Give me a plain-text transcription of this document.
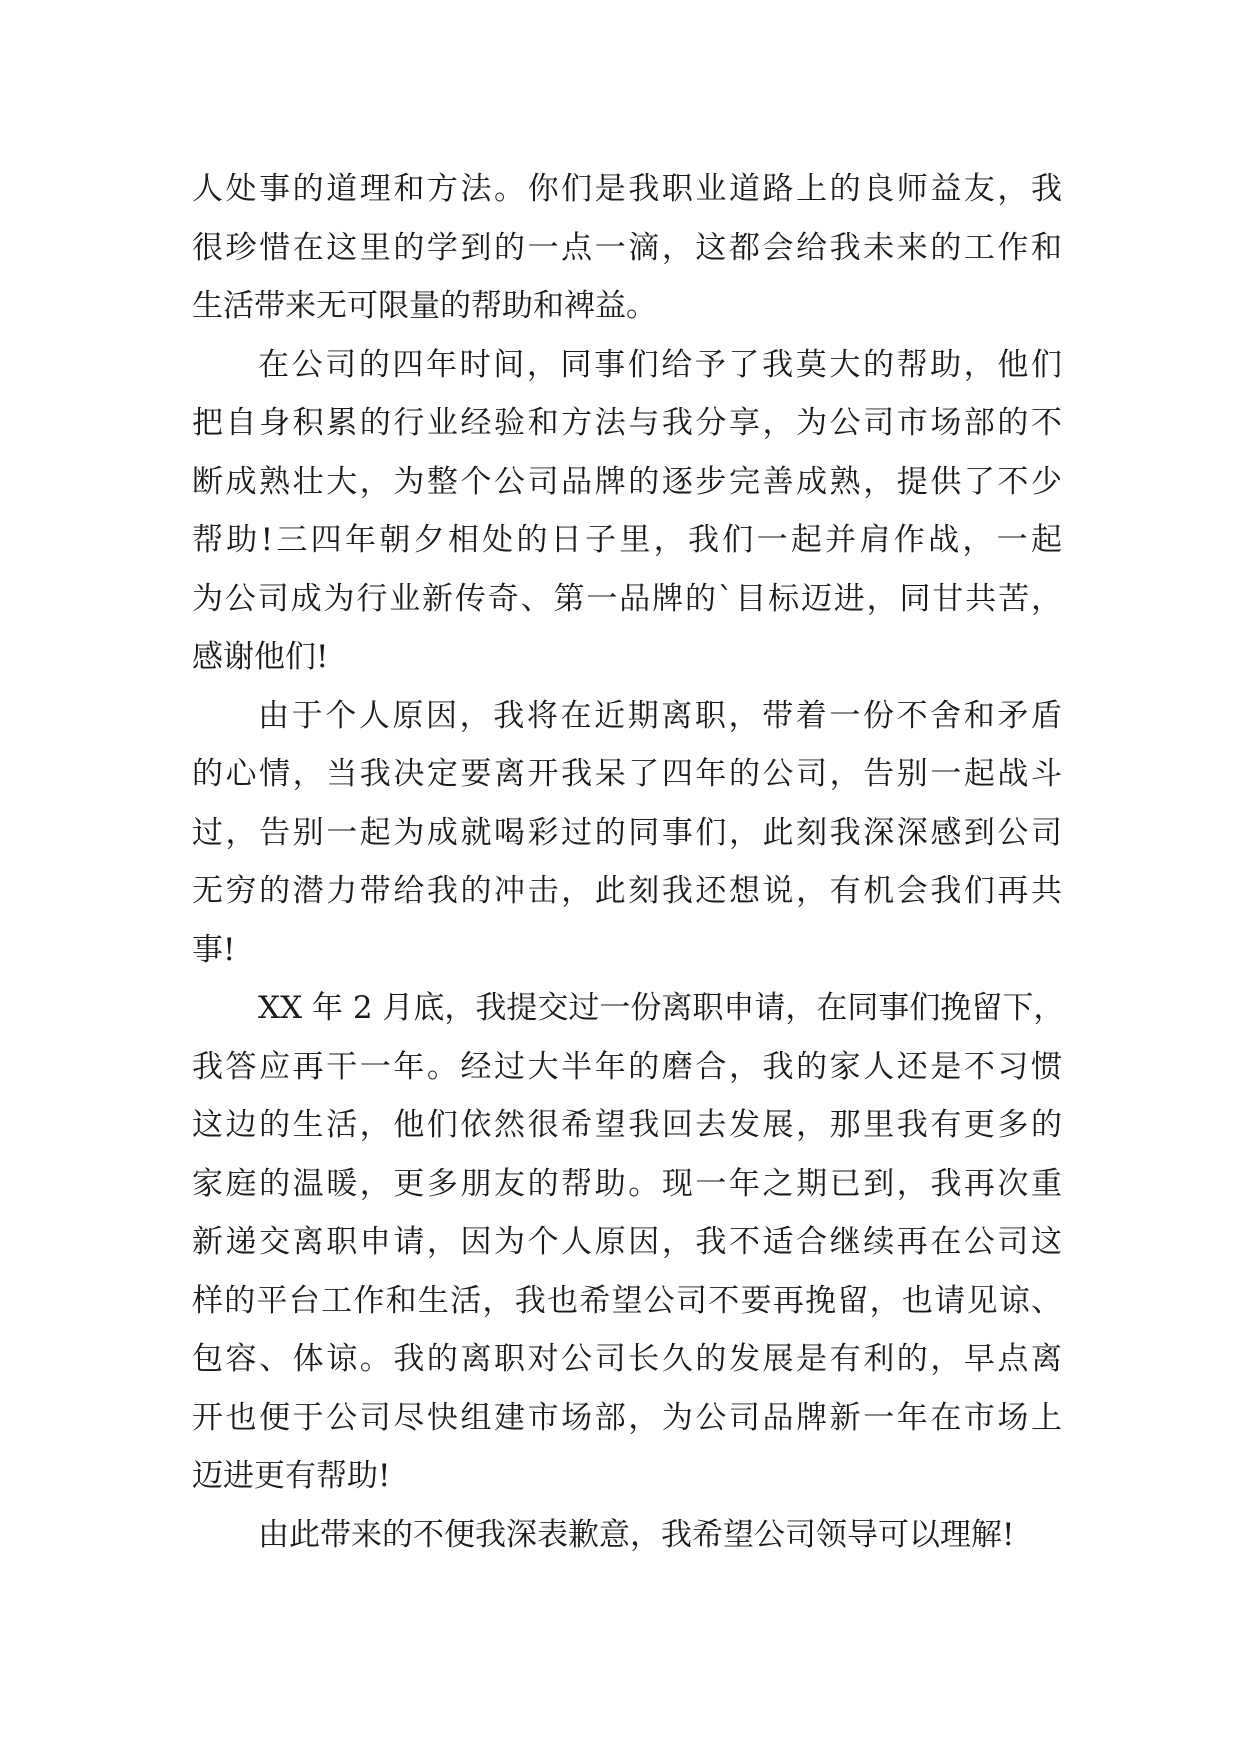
人处事的道理和方法。你们是我职业道路上的良师益友，我
很珍惜在这里的学到的一点一滴，这都会给我未来的工作和
生活带来无可限量的帮助和裨益。
在公司的四年时间，同事们给予了我莫大的帮助，他们
把自身积累的行业经验和方法与我分享，为公司市场部的不
断成熟壮大，为整个公司品牌的逐步完善成熟，提供了不少
帮助!三四年朝夕相处的日子里，我们一起并肩作战，一起
为公司成为行业新传奇、第一品牌的`目标迈进，同甘共苦，
感谢他们!
由于个人原因，我将在近期离职，带着一份不舍和矛盾
的心情，当我决定要离开我呆了四年的公司，告别一起战斗
过，告别一起为成就喝彩过的同事们，此刻我深深感到公司
无穷的潜力带给我的冲击，此刻我还想说，有机会我们再共
事!
XX 年 2 月底，我提交过一份离职申请，在同事们挽留下，
我答应再干一年。经过大半年的磨合，我的家人还是不习惯
这边的生活，他们依然很希望我回去发展，那里我有更多的
家庭的温暖，更多朋友的帮助。现一年之期已到，我再次重
新递交离职申请，因为个人原因，我不适合继续再在公司这
样的平台工作和生活，我也希望公司不要再挽留，也请见谅、
包容、体谅。我的离职对公司长久的发展是有利的，早点离
开也便于公司尽快组建市场部，为公司品牌新一年在市场上
迈进更有帮助!
由此带来的不便我深表歉意，我希望公司领导可以理解!
